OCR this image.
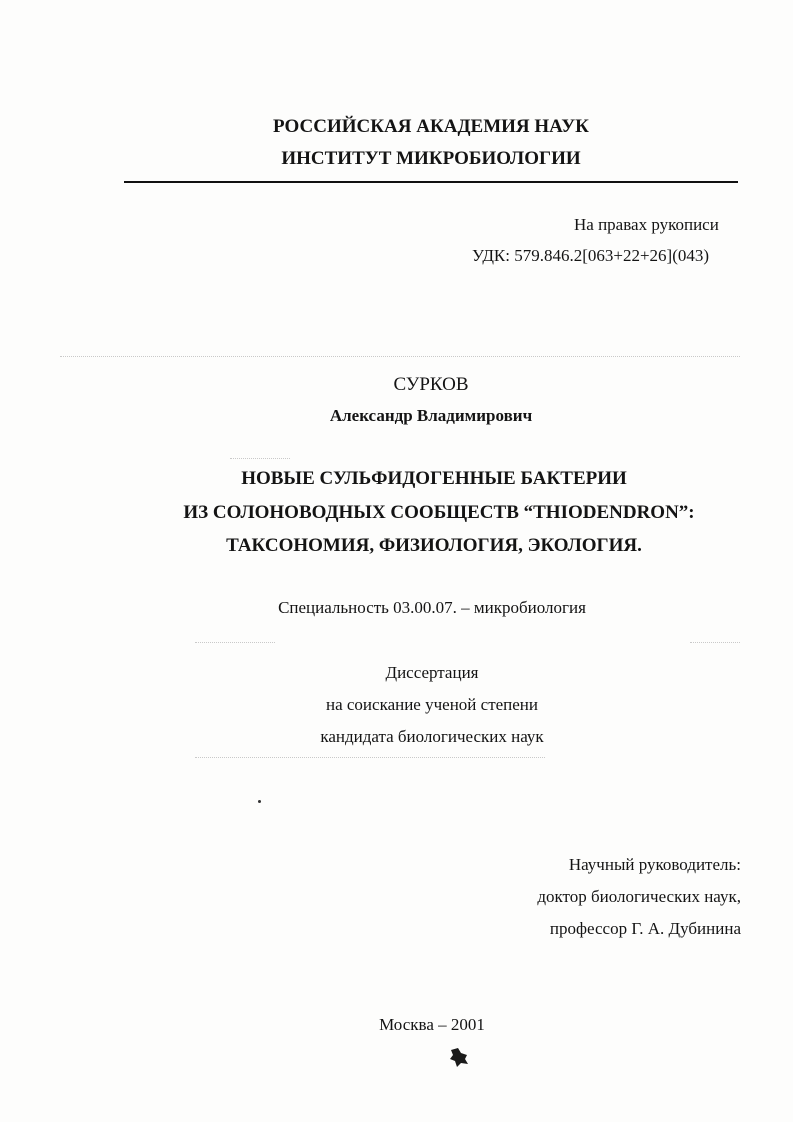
РОССИЙСКАЯ АКАДЕМИЯ НАУК
ИНСТИТУТ МИКРОБИОЛОГИИ
На правах рукописи
УДК: 579.846.2[063+22+26](043)
СУРКОВ
Александр Владимирович
НОВЫЕ СУЛЬФИДОГЕННЫЕ БАКТЕРИИ
ИЗ СОЛОНОВОДНЫХ СООБЩЕСТВ “THIODENDRON”:
ТАКСОНОМИЯ, ФИЗИОЛОГИЯ, ЭКОЛОГИЯ.
Специальность 03.00.07. – микробиология
Диссертация
на соискание ученой степени
кандидата биологических наук
Научный руководитель:
доктор биологических наук,
профессор Г. А. Дубинина
Москва – 2001
